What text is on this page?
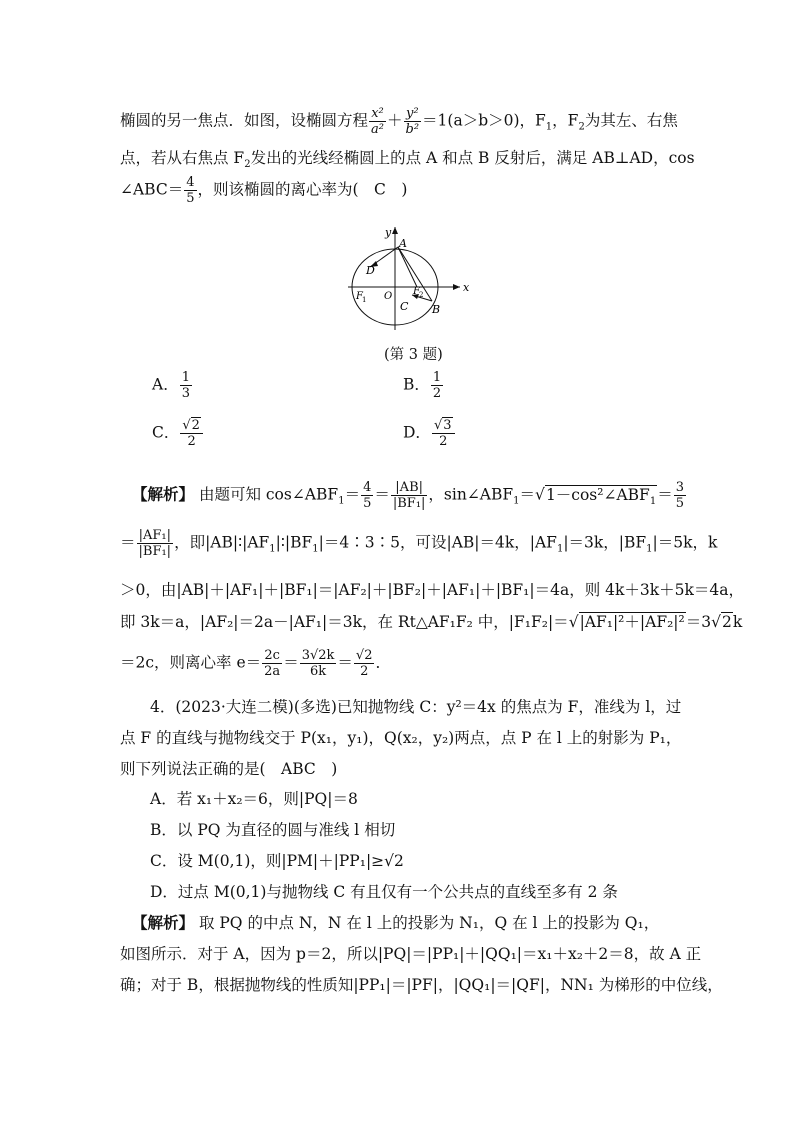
椭圆的另一焦点．如图，设椭圆方程 $\frac{\text{x²}}{\text{a²}} + \frac{\text{y²}}{\text{b²}} =1(a>b>0)$，$F_1$，$F_2$为其左、右焦
点，若从右焦点 $F_2$发出的光线经椭圆上的点 A 和点 B 反射后，满足 AB⊥AD，cos
∠ABC＝ $\frac{4}{5}$ ，则该椭圆的离心率为(　C　)
y
x
A
D
F 1 O F 2
C B
(第 3 题)
A． $\frac{1}{3}$	B． $\frac{1}{2}$
C． $\frac{√2}{2}$	D． $\frac{√3}{2}$
【解析】 由题可知 $\cos\angle ABF_1= \frac{4}{5} = \frac{|AB|}{\text{|BF₁|}}$ ，$\sin\angle ABF_1=√1-\cos^2\angle ABF_1= \frac{3}{5}$
＝ $\frac{\text{|AF₁|}}{\text{|BF₁|}}$ ，即$|AB|∶|AF_1|∶|BF_1|=4∶3∶5$，可设|AB|＝4k，$|AF_1|=3k$，$|BF_1|=5k$，k
＞0，由|AB|＋|AF₁|＋|BF₁|＝|AF₂|＋|BF₂|＋|AF₁|＋|BF₁|＝4a，则 4k＋3k＋5k＝4a，
即 3k＝a，|AF₂|＝2a－|AF₁|＝3k，在 Rt△AF₁F₂ 中，|F₁F₂|＝√|AF₁|²＋|AF₂|²＝3√2k
＝2c，则离心率 $e= \frac{2c}{2a} = \frac{3√2k}{6k} = \frac{√2}{2}$ ．
4．(2023·大连二模)(多选)已知抛物线 C：y²＝4x 的焦点为 F，准线为 l，过
点 F 的直线与抛物线交于 P(x₁，y₁)，Q(x₂，y₂)两点，点 P 在 l 上的射影为 P₁，
则下列说法正确的是(　ABC　)
A．若 x₁＋x₂＝6，则|PQ|＝8
B．以 PQ 为直径的圆与准线 l 相切
C．设 M(0,1)，则|PM|＋|PP₁|≥√2
D．过点 M(0,1)与抛物线 C 有且仅有一个公共点的直线至多有 2 条
【解析】 取 PQ 的中点 N，N 在 l 上的投影为 N₁，Q 在 l 上的投影为 Q₁，
如图所示．对于 A，因为 p＝2，所以|PQ|＝|PP₁|＋|QQ₁|＝x₁＋x₂＋2＝8，故 A 正
确；对于 B，根据抛物线的性质知|PP₁|＝|PF|，|QQ₁|＝|QF|，NN₁ 为梯形的中位线，
